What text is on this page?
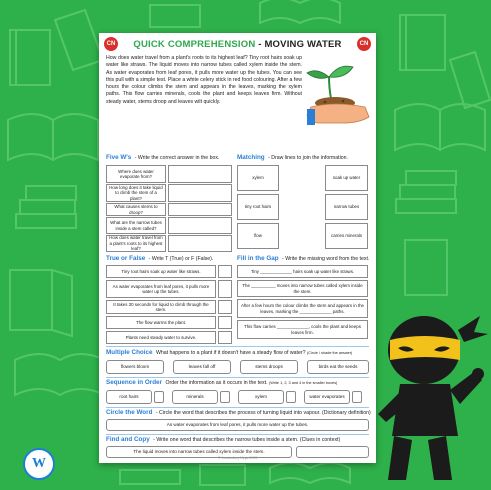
CN	CN
QUICK COMPREHENSION - MOVING WATER
How does water travel from a plant's roots to its highest leaf? Tiny root hairs soak up water like straws. The liquid moves into narrow tubes called xylem inside the stem. As water evaporates from leaf pores, it pulls more water up the tubes. You can see this pull with a simple test. Place a white celery stick in red food colouring. After a few hours the colour climbs the stem and appears in the leaves, marking the xylem paths. This flow carries minerals, cools the plant and keeps leaves firm. Without steady water, stems droop and leaves wilt quickly.
Five W's - Write the correct answer in the box.
Where does water evaporate from?
How long does it take liquid to climb the stem of a plant?
What causes stems to droop?
What are the narrow tubes inside a stem called?
How does water travel from a plant's roots to its highest leaf?
Matching - Draw lines to join the information.
xylem
tiny root hairs
flow
soak up water
narrow tubes
carries minerals
True or False - Write T (True) or F (False).
Tiny root hairs soak up water like straws.
As water evaporates from leaf pores, it pulls more water up the tubes.
It takes 30 seconds for liquid to climb through the stem.
The flow warms the plant.
Plants need steady water to survive.
Fill in the Gap - Write the missing word from the text.
Tiny _____________ hairs soak up water like straws.
The __________ moves into narrow tubes called xylem inside the stem.
After a few hours the colour climbs the stem and appears in the leaves, marking the _____________ paths.
This flow carries _____________, cools the plant and keeps leaves firm.
Multiple Choice What happens to a plant if it doesn't have a steady flow of water? (Circle / shade the answer)
flowers bloom	leaves fall off	stems droops	birds eat the seeds
Sequence in Order Order the information as it occurs in the text. (Write 1, 2, 3 and 4 in the smaller boxes)
root hairs	minerals	xylem	water evaporates
Circle the Word - Circle the word that describes the process of turning liquid into vapour. (Dictionary definition)
As water evaporates from leaf pores, it pulls more water up the tubes.
Find and Copy - Write one word that describes the narrow tubes inside a stem. (Clues in context)
The liquid moves into narrow tubes called xylem inside the stem.
© Vocabulary Ninja 2023
W
